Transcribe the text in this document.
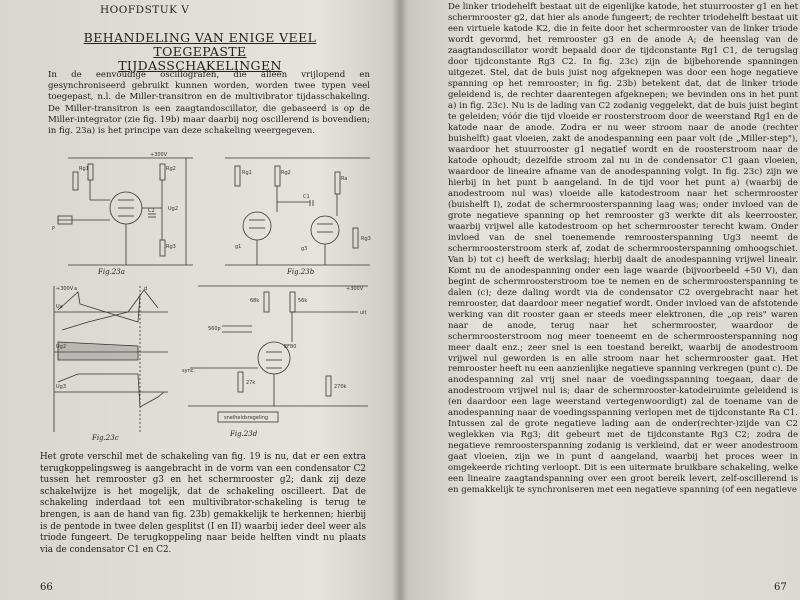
HOOFDSTUK V
BEHANDELING VAN ENIGE VEEL TOEGEPASTE
TIJDASSCHAKELINGEN
In de eenvoudige oscillografen, die alleen vrijlopend en gesynchroniseerd gebruikt kunnen worden, worden twee typen veel toegepast, n.l. de Miller-transitron en de multivibrator tijdasschakeling. De Miller-transitron is een zaagtandoscillator, die gebaseerd is op de Miller-integrator (zie fig. 19b) maar daarbij nog oscillerend is bovendien; in fig. 23a) is het principe van deze schakeling weergegeven.
Rg1	Rg2
+300V
Rg3
C2	Ug2
P
Fig.23a
Rg1	Rg2
Ra
C1
g1	g3
Rg3
Fig.23b
+300V
Ua
Ug2
Ug3
a	d
Fig.23c
68k	56k
+300V
EF80
560p
27k
270k
uit
sync.
snelheidsregeling
Fig.23d
Het grote verschil met de schakeling van fig. 19 is nu, dat er een extra terugkoppelingsweg is aangebracht in de vorm van een condensator C2 tussen het remrooster g3 en het schermrooster g2; dank zij deze schakelwijze is het mogelijk, dat de schakeling oscilleert. Dat de schakeling inderdaad tot een multivibrator-schakeling is terug te brengen, is aan de hand van fig. 23b) gemakkelijk te herkennen; hierbij is de pentode in twee delen gesplitst (I en II) waarbij ieder deel weer als triode fungeert. De terugkoppeling naar beide helften vindt nu plaats via de condensator C1 en C2.
66
De linker triodehelft bestaat uit de eigenlijke katode, het stuurrooster g1 en het schermrooster g2, dat hier als anode fungeert; de rechter triodehelft bestaat uit een virtuele katode K2, die in feite door het schermrooster van de linker triode wordt gevormd, het remrooster g3 en de anode A; de heenslag van de zaagtandoscillator wordt bepaald door de tijdconstante Rg1 C1, de terugslag door tijdconstante Rg3 C2. In fig. 23c) zijn de bijbehorende spanningen uitgezet. Stel, dat de buis juist nog afgeknepen was door een hoge negatieve spanning op het remrooster; in fig. 23b) betekent dat, dat de linker triode geleidend is, de rechter daarentegen afgeknepen; we bevinden ons in het punt a) in fig. 23c). Nu is de lading van C2 zodanig veggelekt, dat de buis juist begint te geleiden; vóór die tijd vloeide er roosterstroom door de weerstand Rg1 en de katode naar de anode. Zodra er nu weer stroom naar de anode (rechter buishelft) gaat vloeien, zakt de anodespanning een paar volt (de „Miller-step"), waardoor het stuurrooster g1 negatief wordt en de roosterstroom naar de katode ophoudt; dezelfde stroom zal nu in de condensator C1 gaan vloeien, waardoor de lineaire afname van de anodespanning volgt. In fig. 23c) zijn we hierbij in het punt b aangeland. In de tijd voor het punt a) (waarbij de anodestroom nul was) vloeide alle katodestroom naar het schermrooster (buishelft I), zodat de schermroosterspanning laag was; onder invloed van de grote negatieve spanning op het remrooster g3 werkte dit als keerrooster, waarbij vrijwel alle katodestroom op het schermrooster terecht kwam. Onder invloed van de snel toenemende remroosterspanning Ug3 neemt de schermroosterstroom sterk af, zodat de schermroosterspanning omhoogschiet. Van b) tot c) heeft de werkslag; hierbij daalt de anodespanning vrijwel lineair. Komt nu de anodespanning onder een lage waarde (bijvoorbeeld +50 V), dan begint de schermroosterstroom toe te nemen en de schermroosterspanning te dalen (c); deze daling wordt via de condensator C2 overgebracht naar het remrooster, dat daardoor meer negatief wordt. Onder invloed van de afstotende werking van dit rooster gaan er steeds meer elektronen, die „op reis" waren naar de anode, terug naar het schermrooster, waardoor de schermroosterstroom nog meer toeneemt en de schermroosterspanning nog meer daalt enz.; zeer snel is een toestand bereikt, waarbij de anodestroom vrijwel nul geworden is en alle stroom naar het schermrooster gaat. Het remrooster heeft nu een aanzienlijke negatieve spanning verkregen (punt c). De anodespanning zal vrij snel naar de voedingsspanning toegaan, daar de anodestroom vrijwel nul is; daar de schermrooster-katodeiruimte geleidend is (en daardoor een lage weerstand vertegenwoordigt) zal de toename van de anodespanning naar de voedingsspanning verlopen met de tijdconstante Ra C1. Intussen zal de grote negatieve lading aan de onder(rechter-)zijde van C2 weglekken via Rg3; dit gebeurt met de tijdconstante Rg3 C2; zodra de negatieve remroosterspanning zodanig is verkleind, dat er weer anodestroom gaat vloeien, zijn we in punt d aangeland, waarbij het proces weer in omgekeerde richting verloopt. Dit is een uitermate bruikbare schakeling, welke een lineaire zaagtandspanning over een groot bereik levert, zelf-oscillerend is en gemakkelijk te synchroniseren met een negatieve spanning (of een negatieve
67
